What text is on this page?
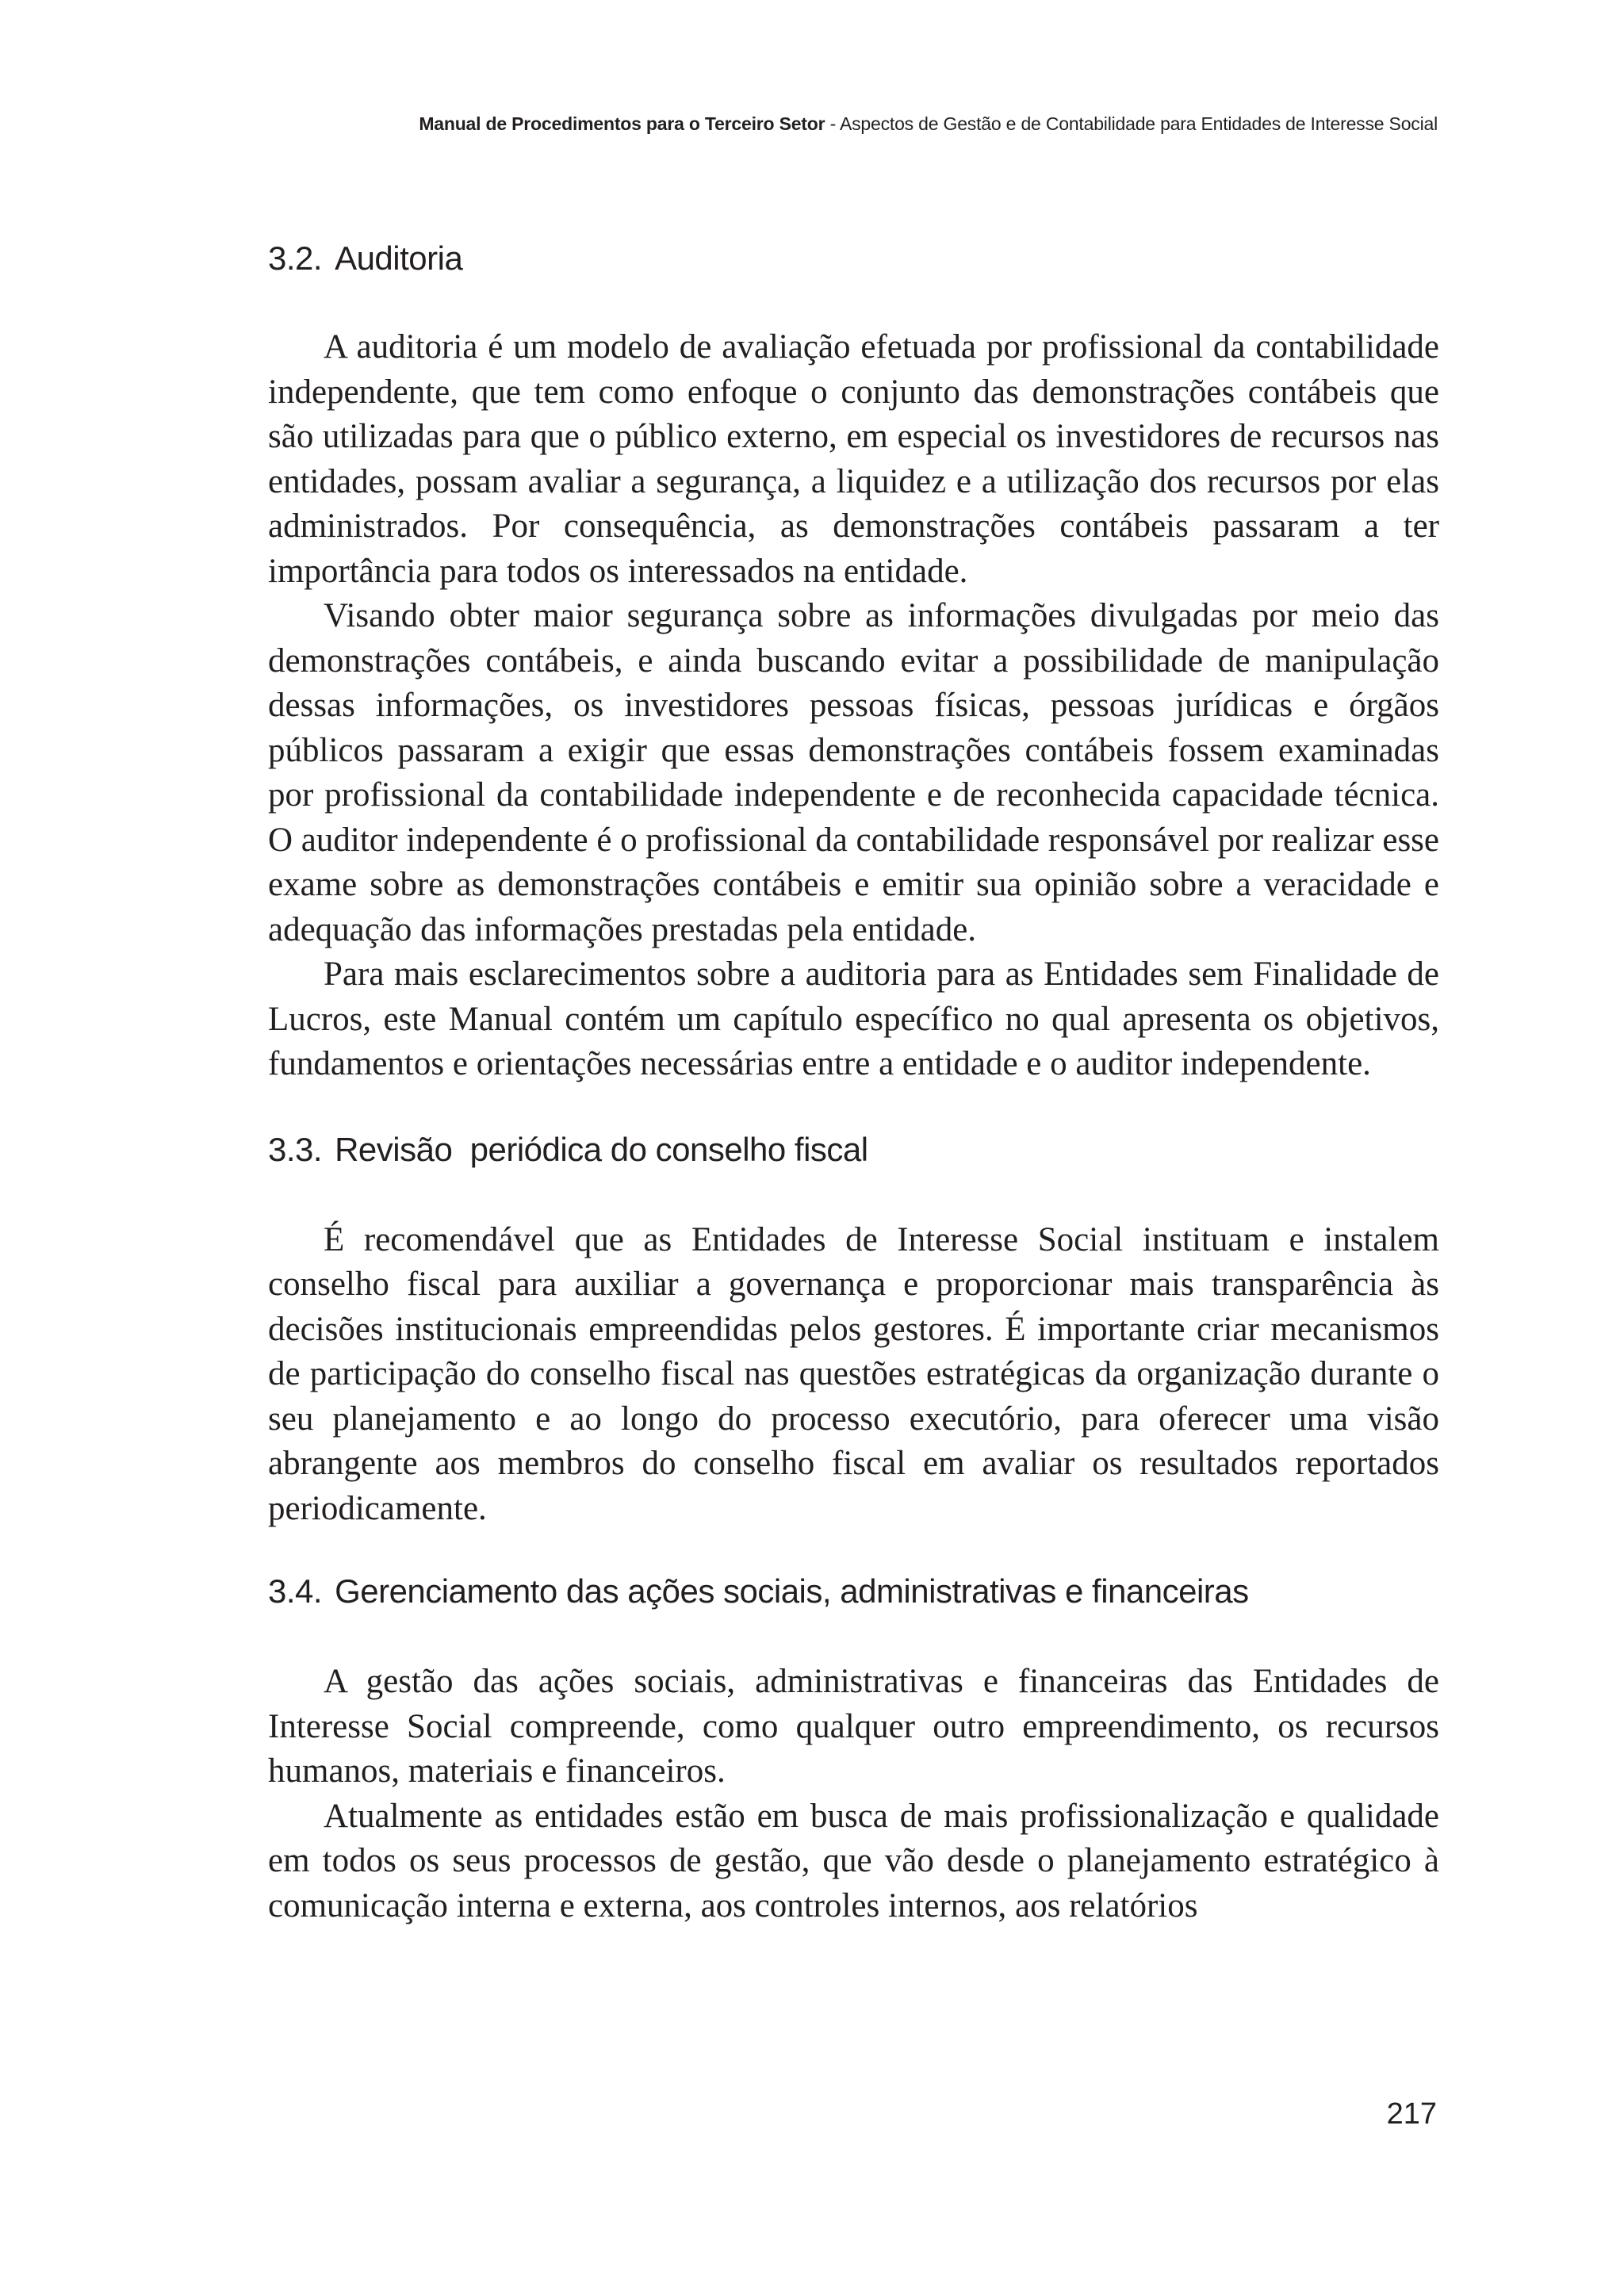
Manual de Procedimentos para o Terceiro Setor - Aspectos de Gestão e de Contabilidade para Entidades de Interesse Social
3.2. Auditoria

A auditoria é um modelo de avaliação efetuada por profissional da contabilidade independente, que tem como enfoque o conjunto das demonstrações contábeis que são utilizadas para que o público externo, em especial os investidores de recursos nas entidades, possam avaliar a segurança, a liquidez e a utilização dos recursos por elas administrados. Por consequência, as demonstrações contábeis passaram a ter importância para todos os interessados na entidade.

Visando obter maior segurança sobre as informações divulgadas por meio das demonstrações contábeis, e ainda buscando evitar a possibilidade de manipulação dessas informações, os investidores pessoas físicas, pessoas jurídicas e órgãos públicos passaram a exigir que essas demonstrações contábeis fossem examinadas por profissional da contabilidade independente e de reconhecida capacidade técnica. O auditor independente é o profissional da contabilidade responsável por realizar esse exame sobre as demonstrações contábeis e emitir sua opinião sobre a veracidade e adequação das informações prestadas pela entidade.

Para mais esclarecimentos sobre a auditoria para as Entidades sem Finalidade de Lucros, este Manual contém um capítulo específico no qual apresenta os objetivos, fundamentos e orientações necessárias entre a entidade e o auditor independente.

3.3. Revisão  periódica do conselho fiscal

É recomendável que as Entidades de Interesse Social instituam e instalem conselho fiscal para auxiliar a governança e proporcionar mais transparência às decisões institucionais empreendidas pelos gestores. É importante criar mecanismos de participação do conselho fiscal nas questões estratégicas da organização durante o seu planejamento e ao longo do processo executório, para oferecer uma visão abrangente aos membros do conselho fiscal em avaliar os resultados reportados periodicamente.

3.4. Gerenciamento das ações sociais, administrativas e financeiras

A gestão das ações sociais, administrativas e financeiras das Entidades de Interesse Social compreende, como qualquer outro empreendimento, os recursos humanos, materiais e financeiros.

Atualmente as entidades estão em busca de mais profissionalização e qualidade em todos os seus processos de gestão, que vão desde o planejamento estratégico à comunicação interna e externa, aos controles internos, aos relatórios

217
